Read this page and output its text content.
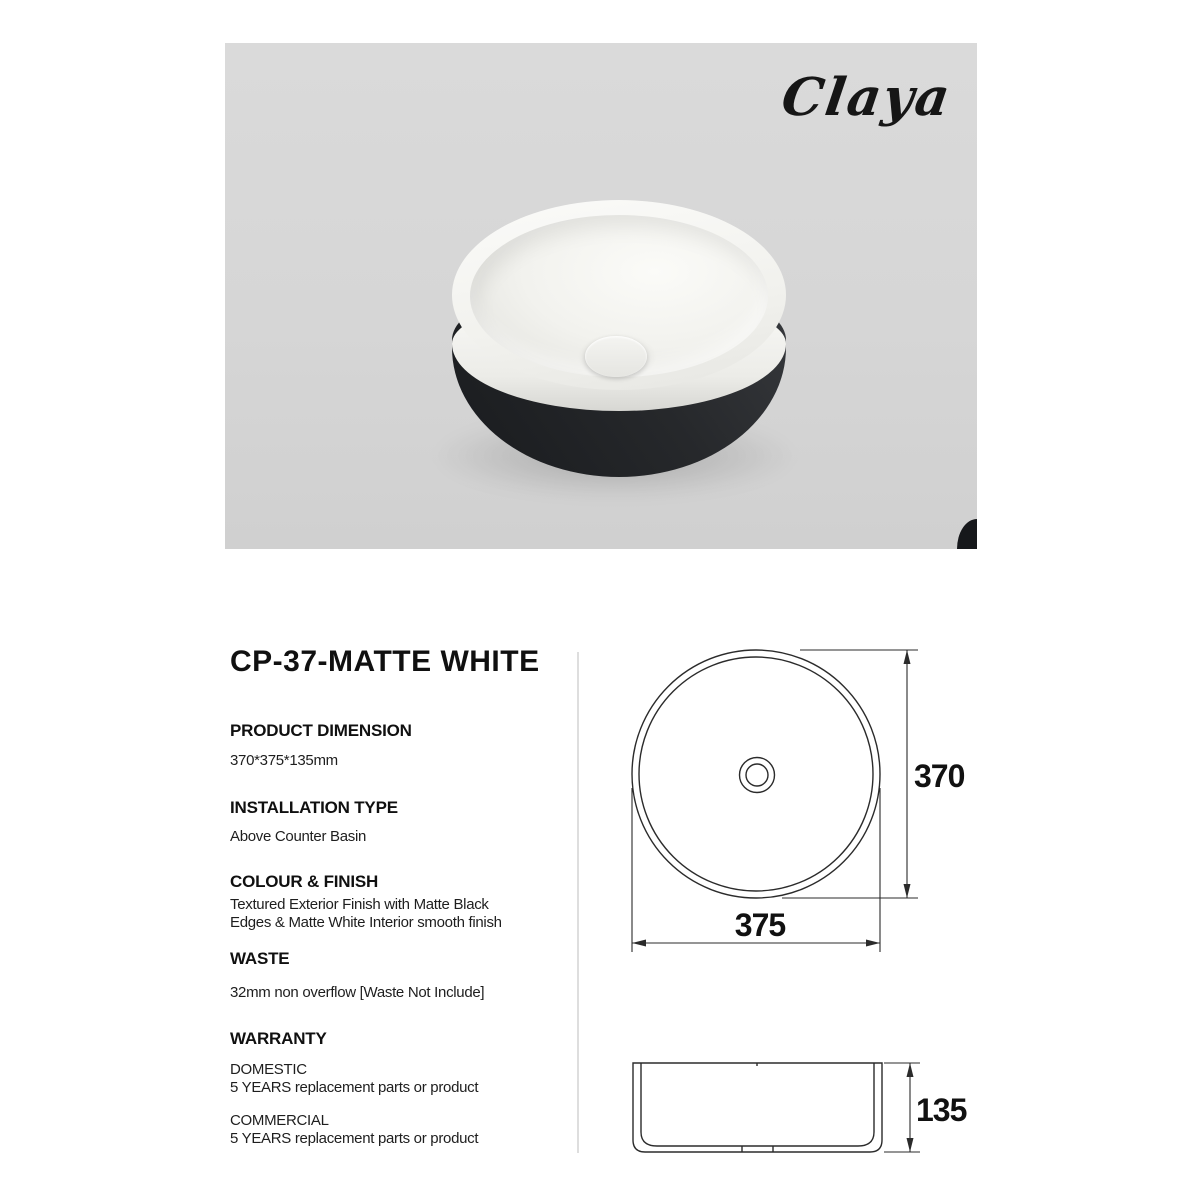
Claya
CP-37-MATTE WHITE
PRODUCT DIMENSION
370*375*135mm
INSTALLATION TYPE
Above Counter Basin
COLOUR & FINISH
Textured Exterior Finish with Matte Black
Edges & Matte White Interior smooth finish
WASTE
32mm non overflow [Waste Not Include]
WARRANTY
DOMESTIC
5 YEARS replacement parts or product
COMMERCIAL
5 YEARS replacement parts or product
370
375
135
